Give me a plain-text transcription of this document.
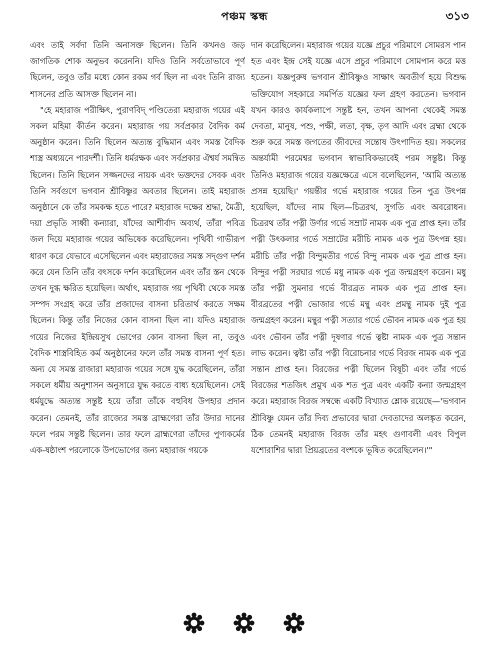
পঞ্চম স্কন্ধ	৩১৩

এবং তাই সর্বদা তিনি অনাসক্ত ছিলেন। তিনি কখনও জড় জাগতিক শোক অনুভব করেননি। যদিও তিনি সর্বতোভাবে পূর্ণ ছিলেন, তবুও তাঁর মধ্যে কোন রকম গর্ব ছিল না এবং তিনি রাজ্য শাসনের প্রতি আসক্ত ছিলেন না।

"হে মহারাজ পরীক্ষিৎ, পুরাণবিদ্ পণ্ডিতেরা মহারাজ গয়ের এই সকল মহিমা কীর্তন করেন। মহারাজ গয় সর্বপ্রকার বৈদিক কর্ম অনুষ্ঠান করেন। তিনি ছিলেন অত্যন্ত বুদ্ধিমান এবং সমস্ত বৈদিক শাস্ত্র অধ্যয়নে পারদর্শী। তিনি ধর্মরক্ষক এবং সর্বপ্রকার ঐশ্বর্য সমন্বিত ছিলেন। তিনি ছিলেন সজ্জনদের নায়ক এবং ভক্তদের সেবক এবং তিনি সর্বগুণে ভগবান শ্রীবিষ্ণুর অবতার ছিলেন। তাই মহারাজ অনুষ্ঠানে কে তাঁর সমকক্ষ হতে পারে? মহারাজ দক্ষের শ্রদ্ধা, মৈত্রী, দয়া প্রভৃতি সাধ্বী কন্যারা, যাঁদের আশীর্বাদ অব্যর্থ, তাঁরা পবিত্র জল দিয়ে মহারাজ গয়ের অভিষেক করেছিলেন। পৃথিবী গাভীরূপ ধারণ করে যেভাবে এসেছিলেন এবং মহারাজের সমস্ত সদ্গুণ দর্শন করে যেন তিনি তাঁর বৎসকে দর্শন করেছিলেন এবং তাঁর স্তন থেকে তখন দুগ্ধ ক্ষরিত হয়েছিল। অর্থাৎ, মহারাজ গয় পৃথিবী থেকে সমস্ত সম্পদ সংগ্রহ করে তাঁর প্রজাদের বাসনা চরিতার্থ করতে সক্ষম ছিলেন। কিন্তু তাঁর নিজের কোন বাসনা ছিল না। যদিও মহারাজ গয়ের নিজের ইন্দ্রিয়সুখ ভোগের কোন বাসনা ছিল না, তবুও বৈদিক শাস্ত্রবিহিত কর্ম অনুষ্ঠানের ফলে তাঁর সমস্ত বাসনা পূর্ণ হত। অন্য যে সমস্ত রাজারা মহারাজ গয়ের সঙ্গে যুদ্ধ করেছিলেন, তাঁরা সকলে ধর্মীয় অনুশাসন অনুসারে যুদ্ধ করতে বাধ্য হয়েছিলেন। সেই ধর্মযুদ্ধে অত্যন্ত সন্তুষ্ট হয়ে তাঁরা তাঁকে বহুবিধ উপহার প্রদান করেন। তেমনই, তাঁর রাজ্যের সমস্ত ব্রাহ্মণেরা তাঁর উদার দানের ফলে পরম সন্তুষ্ট ছিলেন। তার ফলে ব্রাহ্মণেরা তাঁদের পুণ্যকর্মের এক-ষষ্ঠাংশ পরলোকে উপভোগের জন্য মহারাজ গয়কে

দান করেছিলেন। মহারাজ গয়ের যজ্ঞে প্রচুর পরিমাণে সোমরস পান হত এবং ইন্দ্র সেই যজ্ঞে এসে প্রচুর পরিমাণে সোমপান করে মত্ত হতেন। যজ্ঞপুরুষ ভগবান শ্রীবিষ্ণুও সাক্ষাৎ অবতীর্ণ হয়ে বিশুদ্ধ ভক্তিযোগ সহকারে সমর্পিত যজ্ঞের ফল গ্রহণ করতেন। ভগবান যখন কারও কার্যকলাপে সন্তুষ্ট হন, তখন আপনা থেকেই সমস্ত দেবতা, মানুষ, পশু, পক্ষী, লতা, বৃক্ষ, তৃণ আদি এবং ব্রহ্মা থেকে শুরু করে সমস্ত জগতের জীবদের সন্তোষ উৎপাদিত হয়। সকলের অন্তর্যামী পরমেশ্বর ভগবান স্বাভাবিকভাবেই পরম সন্তুষ্ট। কিন্তু তিনিও মহারাজ গয়ের যজ্ঞক্ষেত্রে এসে বলেছিলেন, 'আমি অত্যন্ত প্রসন্ন হয়েছি।' গয়ন্তীর গর্ভে মহারাজ গয়ের তিন পুত্র উৎপন্ন হয়েছিল, যাঁদের নাম ছিল—চিত্ররথ, সুগতি এবং অবরোধন। চিত্ররথ তাঁর পত্নী উর্ণার গর্ভে সম্রাট নামক এক পুত্র প্রাপ্ত হন। তাঁর পত্নী উৎকলার গর্ভে সম্রাটের মরীচি নামক এক পুত্র উৎপন্ন হয়। মরীচি তাঁর পত্নী বিন্দুমতীর গর্ভে বিন্দু নামক এক পুত্র প্রাপ্ত হন। বিন্দুর পত্নী সরঘার গর্ভে মধু নামক এক পুত্র জন্মগ্রহণ করেন। মধু তাঁর পত্নী সুমনার গর্ভে বীরব্রত নামক এক পুত্র প্রাপ্ত হন। বীরব্রতের পত্নী ভোজার গর্ভে মন্থু এবং প্রমন্থু নামক দুই পুত্র জন্মগ্রহণ করেন। মন্থুর পত্নী সত্যার গর্ভে ভৌবন নামক এক পুত্র হয় এবং ভৌবন তাঁর পত্নী দূষণার গর্ভে ত্বষ্টা নামক এক পুত্র সন্তান লাভ করেন। ত্বষ্টা তাঁর পত্নী বিরোচনার গর্ভে বিরজ নামক এক পুত্র সন্তান প্রাপ্ত হন। বিরজের পত্নী ছিলেন বিষূচী এবং তাঁর গর্ভে বিরজের শতজিৎ প্রমুখ এক শত পুত্র এবং একটি কন্যা জন্মগ্রহণ করে। মহারাজ বিরজ সম্বন্ধে একটি বিখ্যাত শ্লোক রয়েছে—'ভগবান শ্রীবিষ্ণু যেমন তাঁর দিব্য প্রভাবের দ্বারা দেবতাদের অলঙ্কৃত করেন, ঠিক তেমনই মহারাজ বিরজ তাঁর মহৎ গুণাবলী এবং বিপুল যশোরাশির দ্বারা প্রিয়ব্রতের বংশকে ভূষিত করেছিলেন।'"
